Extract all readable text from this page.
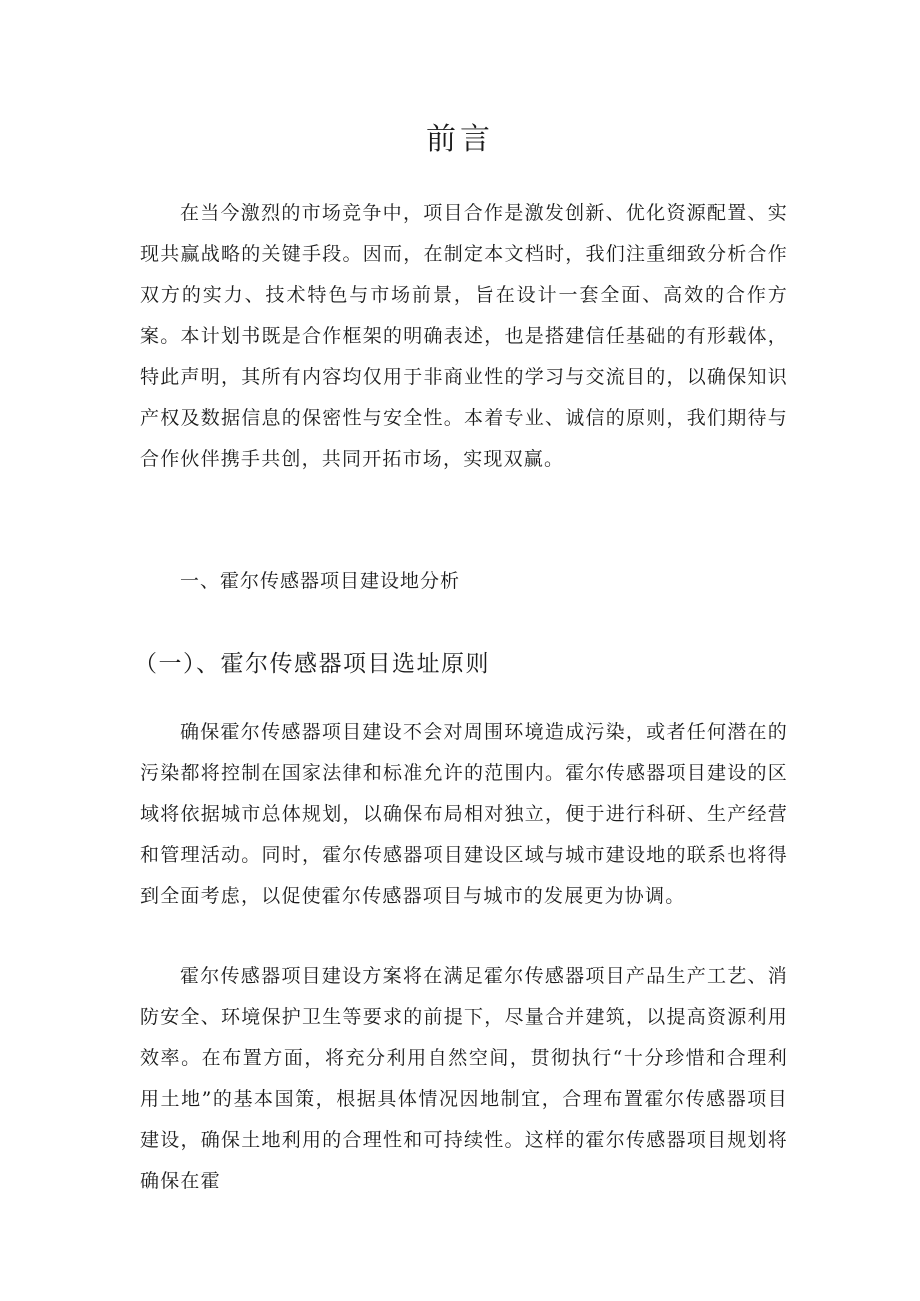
前言

在当今激烈的市场竞争中，项目合作是激发创新、优化资源配置、实现共赢战略的关键手段。因而，在制定本文档时，我们注重细致分析合作双方的实力、技术特色与市场前景，旨在设计一套全面、高效的合作方案。本计划书既是合作框架的明确表述，也是搭建信任基础的有形载体，特此声明，其所有内容均仅用于非商业性的学习与交流目的，以确保知识产权及数据信息的保密性与安全性。本着专业、诚信的原则，我们期待与合作伙伴携手共创，共同开拓市场，实现双赢。

一、霍尔传感器项目建设地分析
（一）、霍尔传感器项目选址原则

确保霍尔传感器项目建设不会对周围环境造成污染，或者任何潜在的污染都将控制在国家法律和标准允许的范围内。霍尔传感器项目建设的区域将依据城市总体规划，以确保布局相对独立，便于进行科研、生产经营和管理活动。同时，霍尔传感器项目建设区域与城市建设地的联系也将得到全面考虑，以促使霍尔传感器项目与城市的发展更为协调。

霍尔传感器项目建设方案将在满足霍尔传感器项目产品生产工艺、消防安全、环境保护卫生等要求的前提下，尽量合并建筑，以提高资源利用效率。在布置方面，将充分利用自然空间，贯彻执行“十分珍惜和合理利用土地”的基本国策，根据具体情况因地制宜，合理布置霍尔传感器项目建设，确保土地利用的合理性和可持续性。这样的霍尔传感器项目规划将确保在霍
